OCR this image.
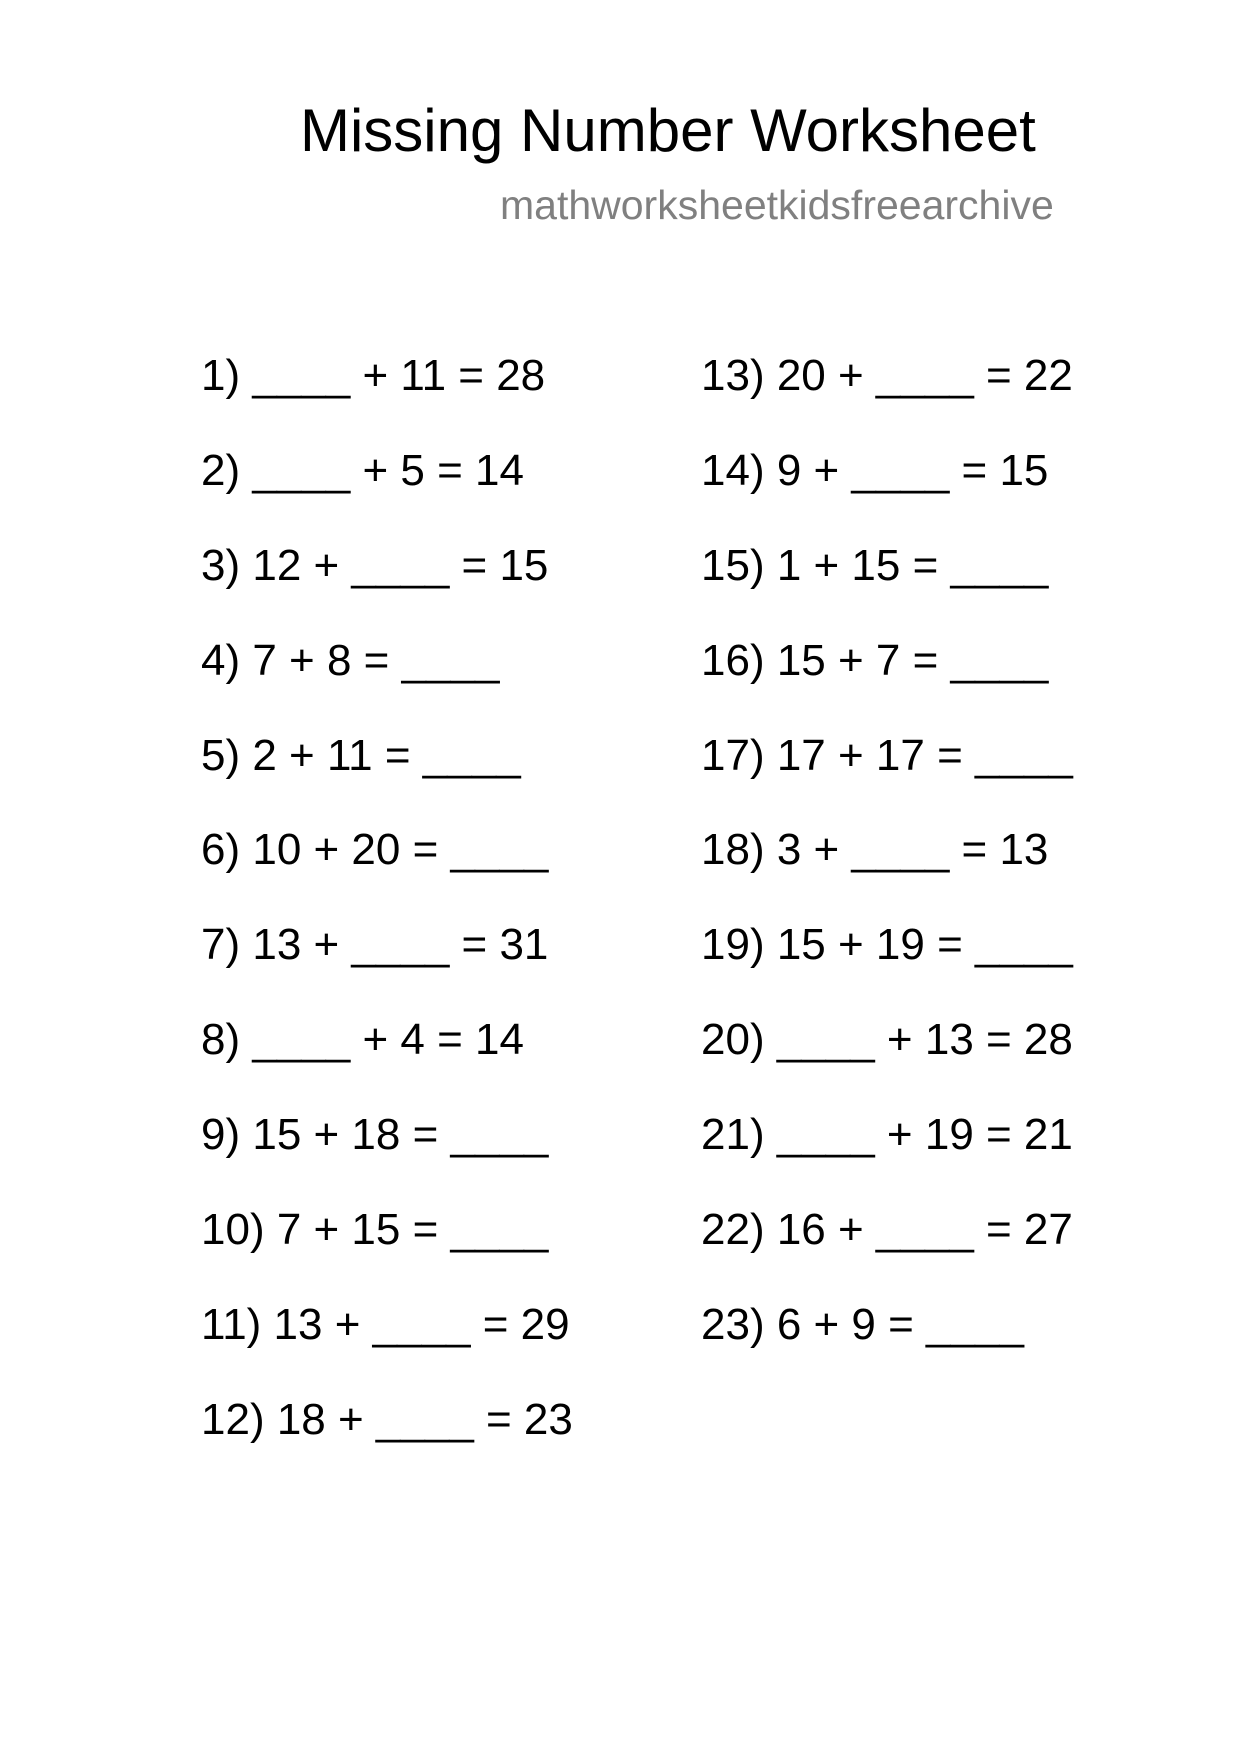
Missing Number Worksheet
mathworksheetkidsfreearchive
1) ____ + 11 = 28
2) ____ + 5 = 14
3) 12 + ____ = 15
4) 7 + 8 = ____
5) 2 + 11 = ____
6) 10 + 20 = ____
7) 13 + ____ = 31
8) ____ + 4 = 14
9) 15 + 18 = ____
10) 7 + 15 = ____
11) 13 + ____ = 29
12) 18 + ____ = 23
13) 20 + ____ = 22
14) 9 + ____ = 15
15) 1 + 15 = ____
16) 15 + 7 = ____
17) 17 + 17 = ____
18) 3 + ____ = 13
19) 15 + 19 = ____
20) ____ + 13 = 28
21) ____ + 19 = 21
22) 16 + ____ = 27
23) 6 + 9 = ____
